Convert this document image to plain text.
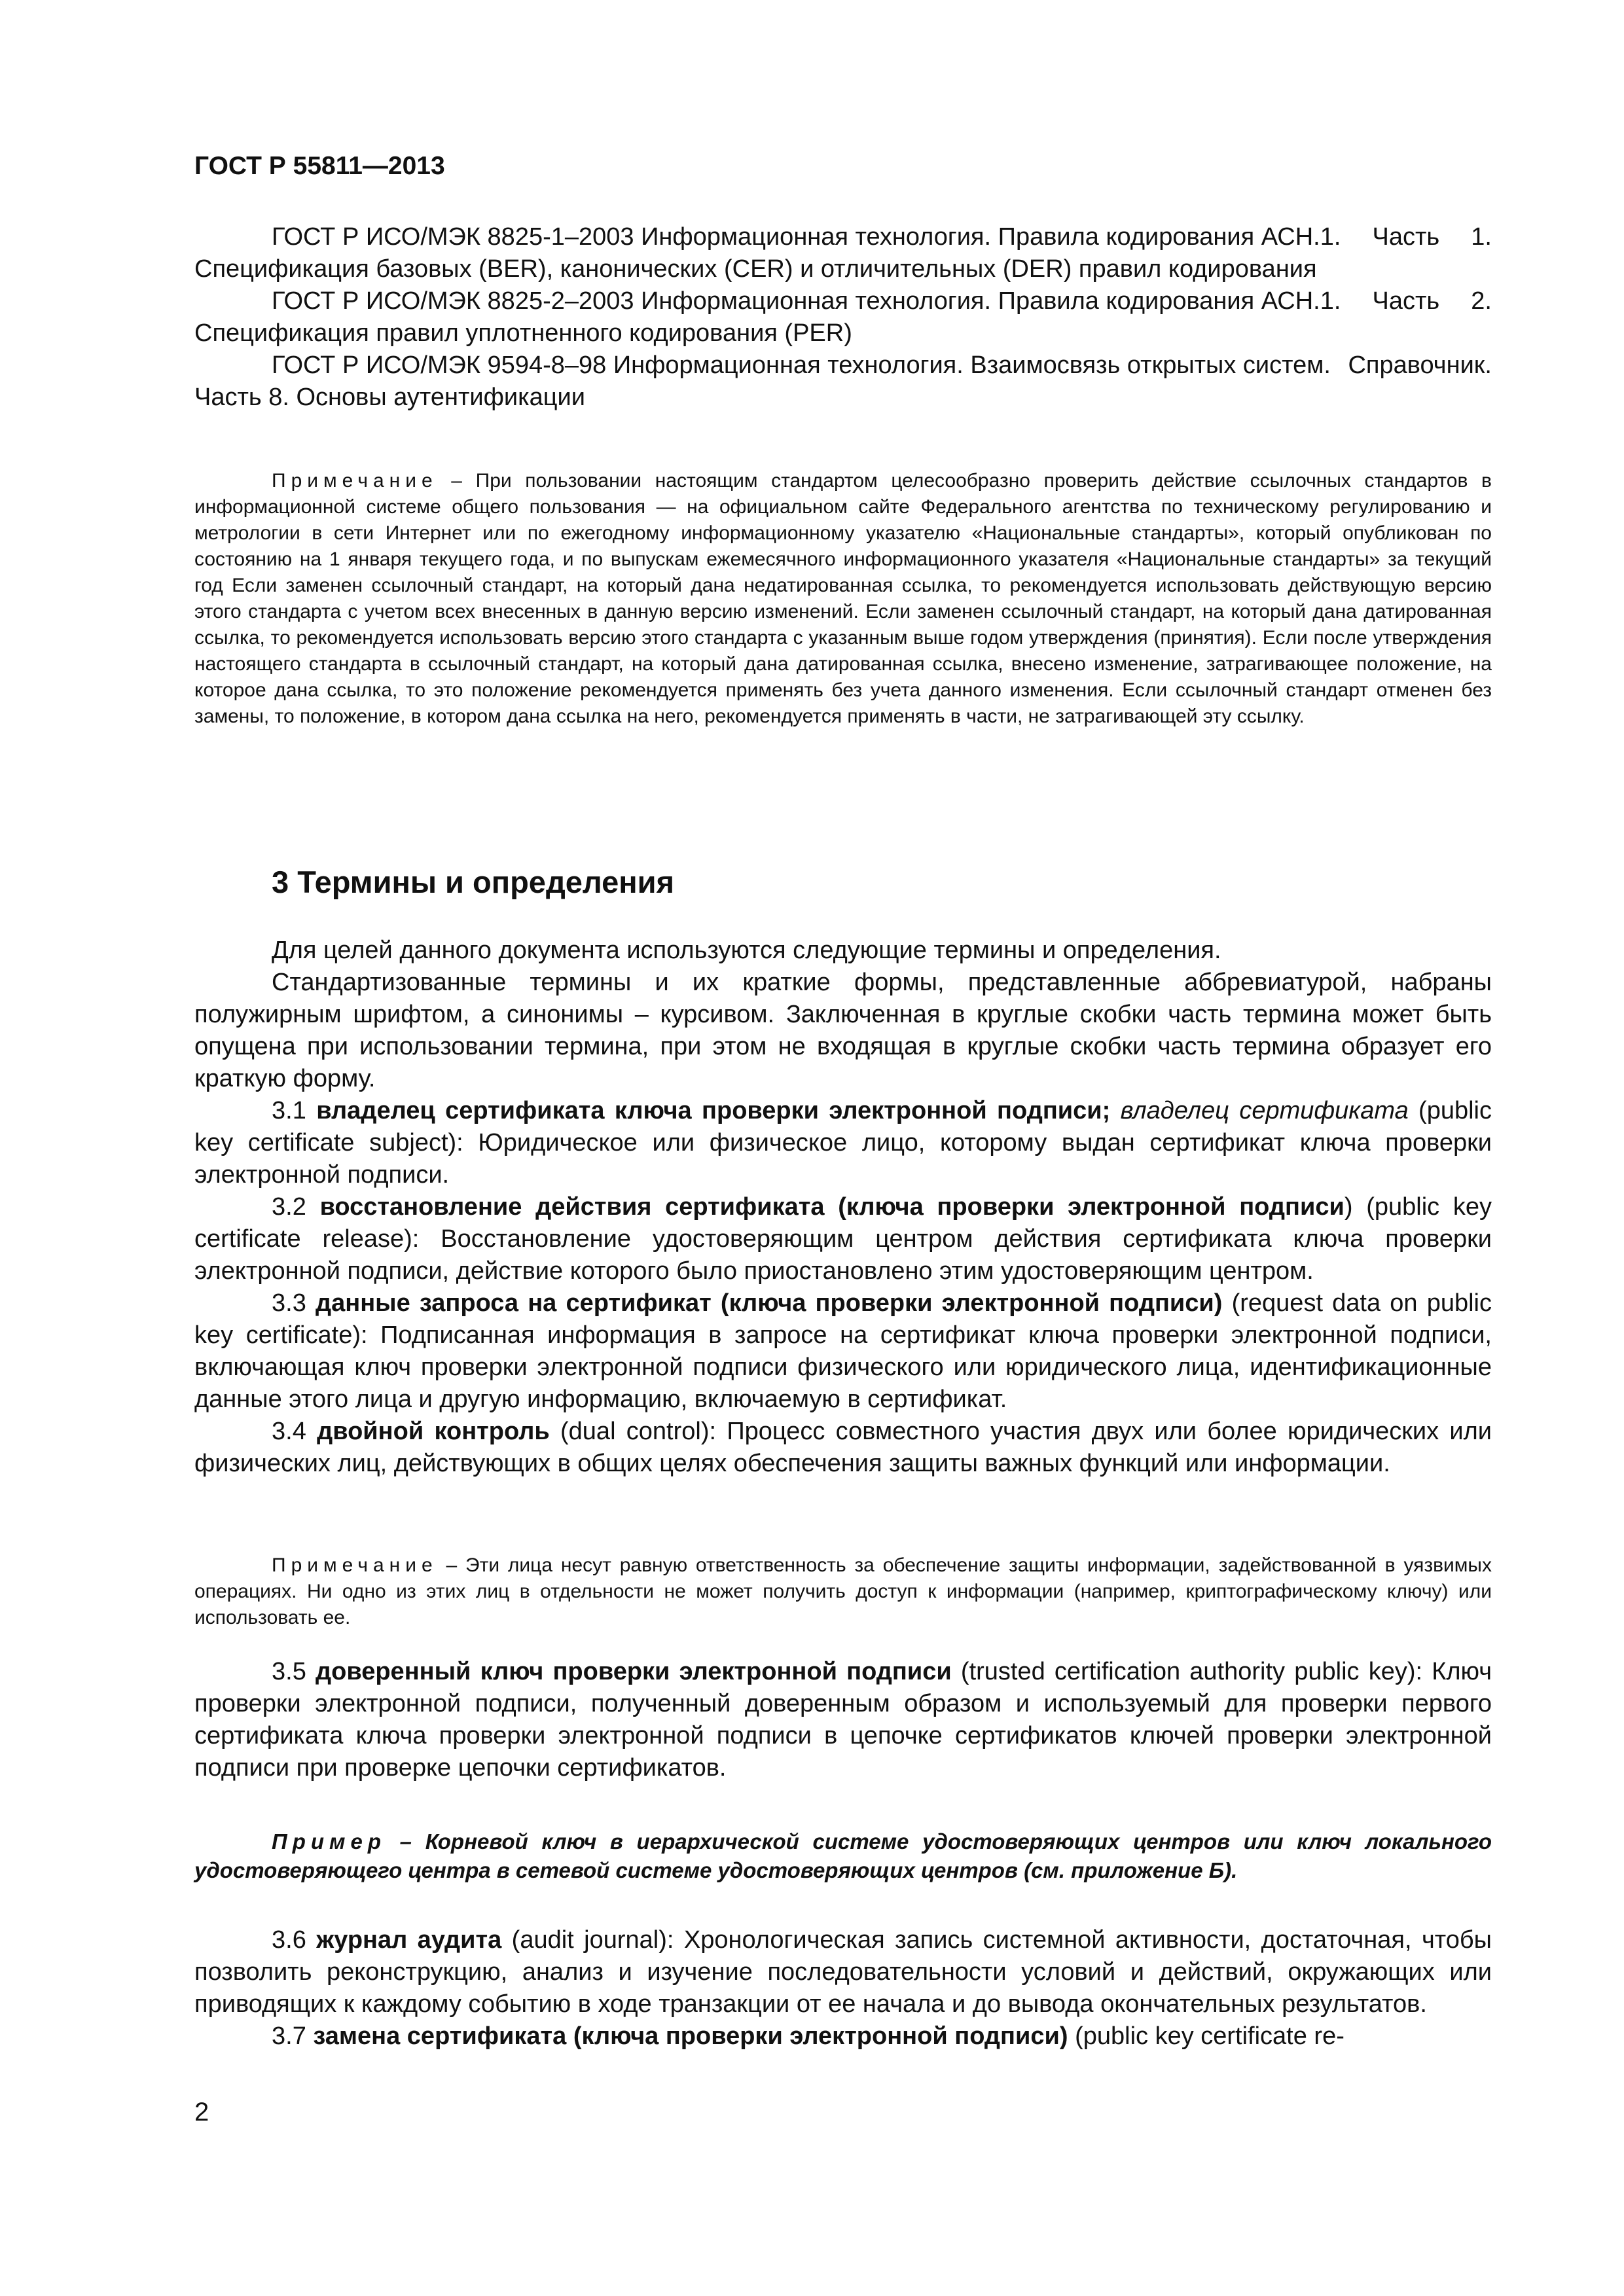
ГОСТ Р 55811—2013

ГОСТ Р ИСО/МЭК 8825-1–2003 Информационная технология. Правила кодирования АСН.1. Часть 1. Спецификация базовых (BER), канонических (CER) и отличительных (DER) правил кодирования

ГОСТ Р ИСО/МЭК 8825-2–2003 Информационная технология. Правила кодирования АСН.1. Часть 2. Спецификация правил уплотненного кодирования (PER)

ГОСТ Р ИСО/МЭК 9594-8–98 Информационная технология. Взаимосвязь открытых систем. Справочник. Часть 8. Основы аутентификации

Примечание – При пользовании настоящим стандартом целесообразно проверить действие ссылочных стандартов в информационной системе общего пользования — на официальном сайте Федерального агентства по техническому регулированию и метрологии в сети Интернет или по ежегодному информационному указателю «Национальные стандарты», который опубликован по состоянию на 1 января текущего года, и по выпускам ежемесячного информационного указателя «Национальные стандарты» за текущий год Если заменен ссылочный стандарт, на который дана недатированная ссылка, то рекомендуется использовать действующую версию этого стандарта с учетом всех внесенных в данную версию изменений. Если заменен ссылочный стандарт, на который дана датированная ссылка, то рекомендуется использовать версию этого стандарта с указанным выше годом утверждения (принятия). Если после утверждения настоящего стандарта в ссылочный стандарт, на который дана датированная ссылка, внесено изменение, затрагивающее положение, на которое дана ссылка, то это положение рекомендуется применять без учета данного изменения. Если ссылочный стандарт отменен без замены, то положение, в котором дана ссылка на него, рекомендуется применять в части, не затрагивающей эту ссылку.

3 Термины и определения

Для целей данного документа используются следующие термины и определения.

Стандартизованные термины и их краткие формы, представленные аббревиатурой, набраны полужирным шрифтом, а синонимы – курсивом. Заключенная в круглые скобки часть термина может быть опущена при использовании термина, при этом не входящая в круглые скобки часть термина образует его краткую форму.

3.1 владелец сертификата ключа проверки электронной подписи; владелец сертификата (public key certificate subject): Юридическое или физическое лицо, которому выдан сертификат ключа проверки электронной подписи.

3.2 восстановление действия сертификата (ключа проверки электронной подписи) (public key certificate release): Восстановление удостоверяющим центром действия сертификата ключа проверки электронной подписи, действие которого было приостановлено этим удостоверяющим центром.

3.3 данные запроса на сертификат (ключа проверки электронной подписи) (request data on public key certificate): Подписанная информация в запросе на сертификат ключа проверки электронной подписи, включающая ключ проверки электронной подписи физического или юридического лица, идентификационные данные этого лица и другую информацию, включаемую в сертификат.

3.4 двойной контроль (dual control): Процесс совместного участия двух или более юридических или физических лиц, действующих в общих целях обеспечения защиты важных функций или информации.

Примечание – Эти лица несут равную ответственность за обеспечение защиты информации, задействованной в уязвимых операциях. Ни одно из этих лиц в отдельности не может получить доступ к информации (например, криптографическому ключу) или использовать ее.

3.5 доверенный ключ проверки электронной подписи (trusted certification authority public key): Ключ проверки электронной подписи, полученный доверенным образом и используемый для проверки первого сертификата ключа проверки электронной подписи в цепочке сертификатов ключей проверки электронной подписи при проверке цепочки сертификатов.

Пример – Корневой ключ в иерархической системе удостоверяющих центров или ключ локального удостоверяющего центра в сетевой системе удостоверяющих центров (см. приложение Б).

3.6 журнал аудита (audit journal): Хронологическая запись системной активности, достаточная, чтобы позволить реконструкцию, анализ и изучение последовательности условий и действий, окружающих или приводящих к каждому событию в ходе транзакции от ее начала и до вывода окончательных результатов.

3.7 замена сертификата (ключа проверки электронной подписи) (public key certificate re-

2
